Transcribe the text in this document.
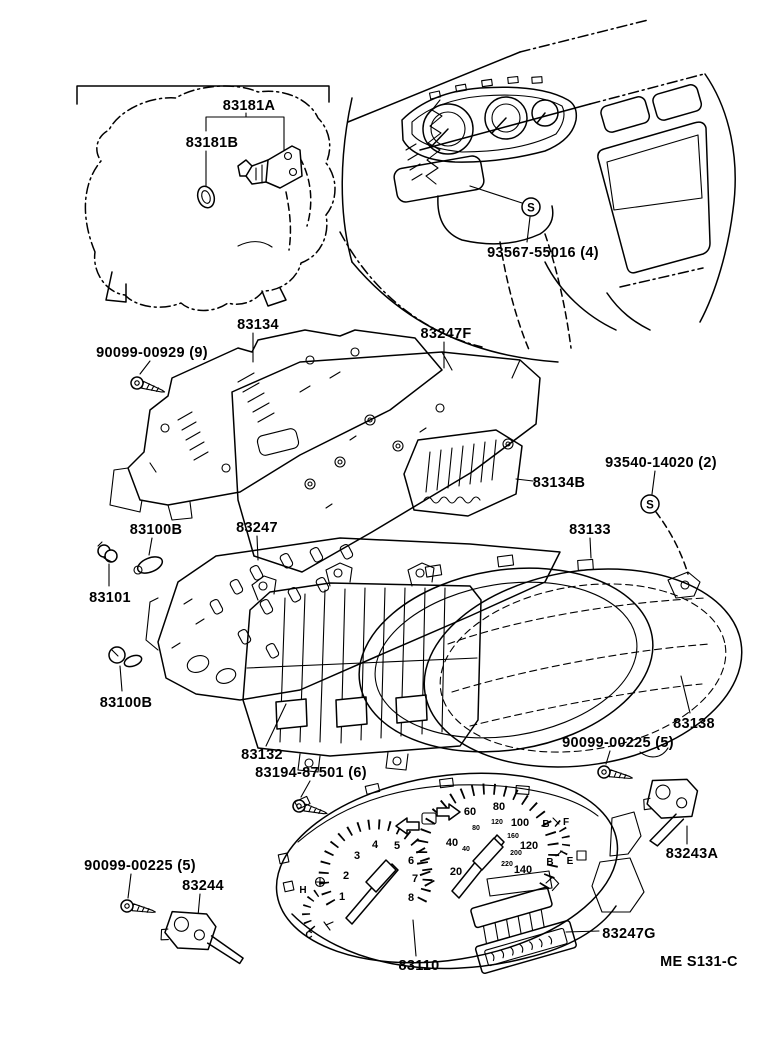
83181A
83181B
S
93567-55016 (4)
83134
90099-00929 (9)
83247F
83134B
93540-14020 (2)
S
83247
83132
83133
83138
83100B
83101
83100B
90099-00225 (5)
83243A
83194-87501 (6)
1
2
3
4 5
6
7
8
20
40
60 80
100
120
140
40
80
120
160
200
220
H
C
F
E
B
B
83110
90099-00225 (5)
83244
83247G
ME S131-C
